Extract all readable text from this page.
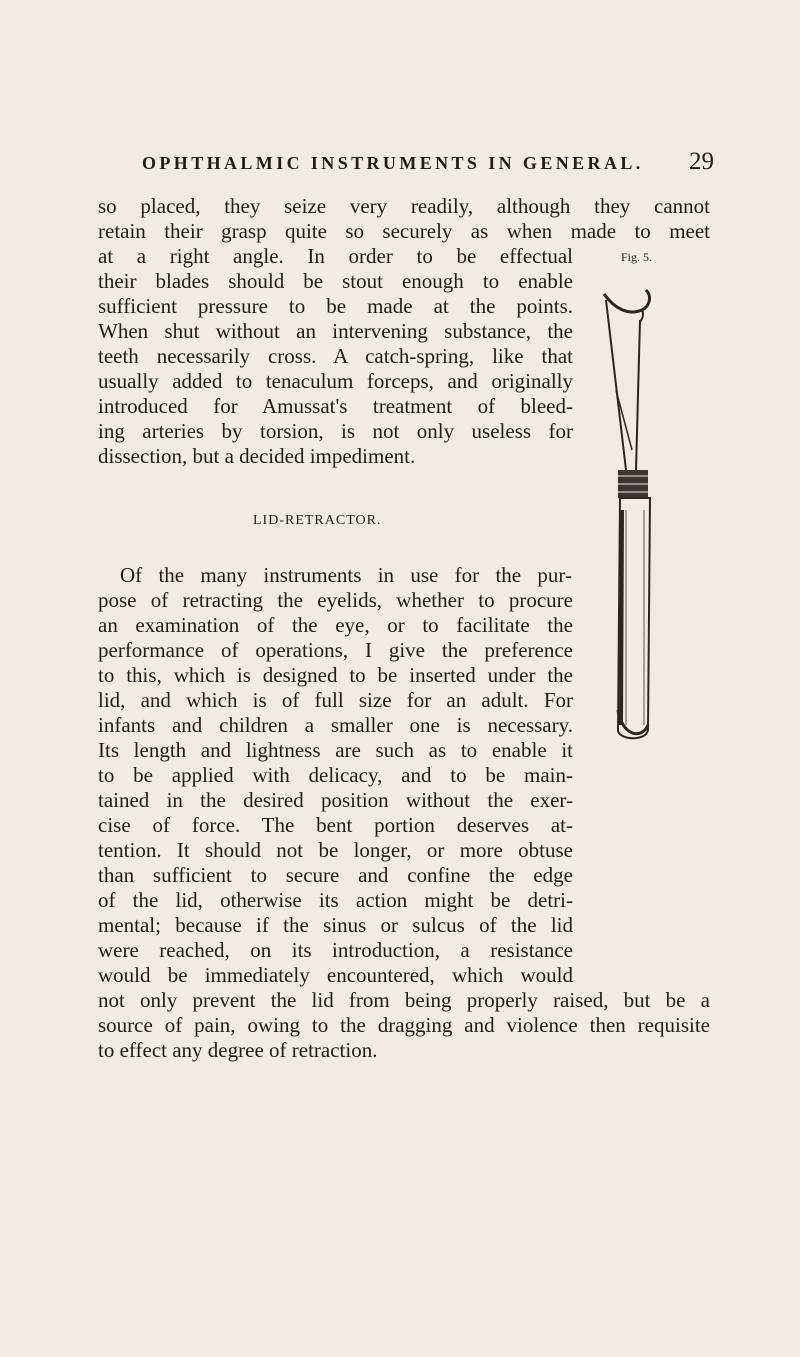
OPHTHALMIC INSTRUMENTS IN GENERAL. 29
so placed, they seize very readily, although they cannot
retain their grasp quite so securely as when made to meet
at a right angle. In order to be effectual
their blades should be stout enough to enable
sufficient pressure to be made at the points.
When shut without an intervening substance, the
teeth necessarily cross. A catch-spring, like that
usually added to tenaculum forceps, and originally
introduced for Amussat's treatment of bleed-
ing arteries by torsion, is not only useless for
dissection, but a decided impediment.
LID-RETRACTOR.
Of the many instruments in use for the pur-
pose of retracting the eyelids, whether to procure
an examination of the eye, or to facilitate the
performance of operations, I give the preference
to this, which is designed to be inserted under the
lid, and which is of full size for an adult. For
infants and children a smaller one is necessary.
Its length and lightness are such as to enable it
to be applied with delicacy, and to be main-
tained in the desired position without the exer-
cise of force. The bent portion deserves at-
tention. It should not be longer, or more obtuse
than sufficient to secure and confine the edge
of the lid, otherwise its action might be detri-
mental; because if the sinus or sulcus of the lid
were reached, on its introduction, a resistance
would be immediately encountered, which would
not only prevent the lid from being properly raised, but be a
source of pain, owing to the dragging and violence then requisite
to effect any degree of retraction.
Fig. 5.
